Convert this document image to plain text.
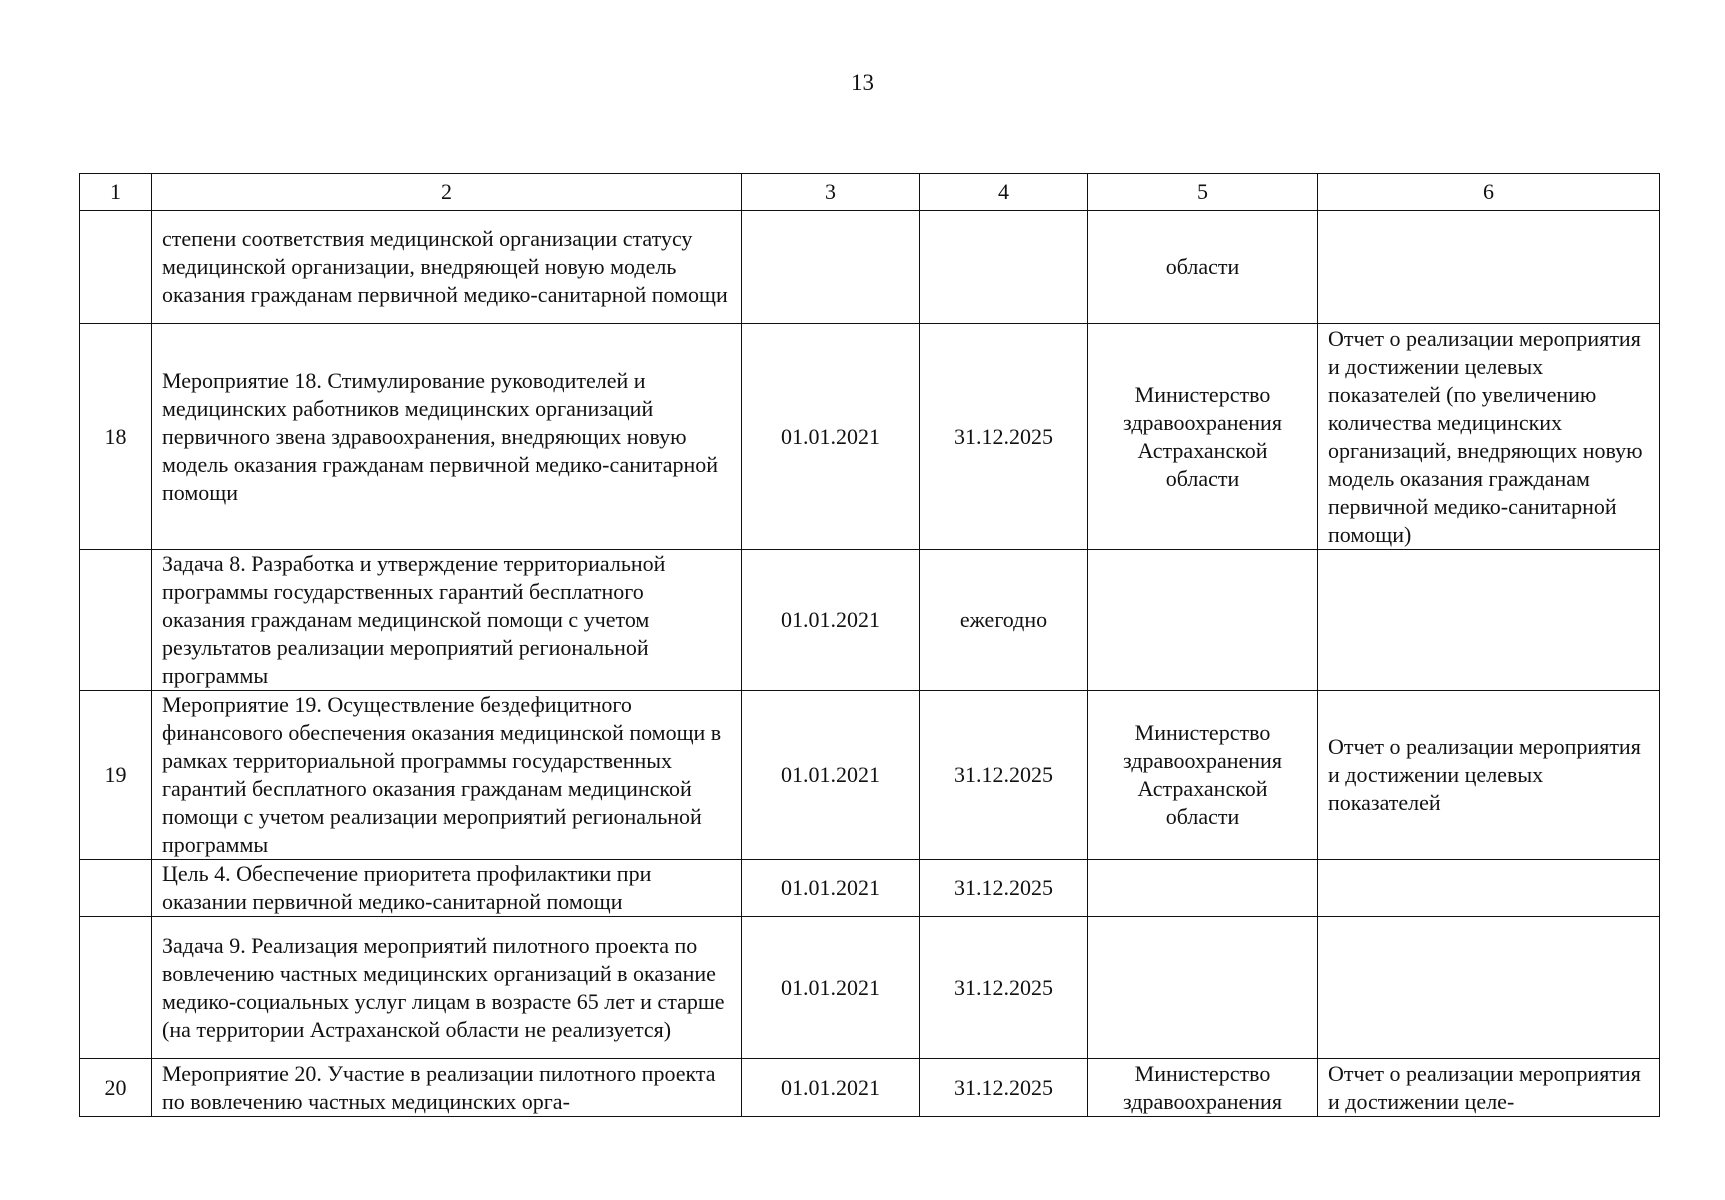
13
1	2	3	4	5	6
	степени соответствия медицинской организации статусу медицинской организации, внедряющей новую модель оказания гражданам первичной медико-санитарной помощи			области	
18	Мероприятие 18. Стимулирование руководителей и медицинских работников медицинских организаций первичного звена здравоохранения, внедряющих новую модель оказания гражданам первичной медико-санитарной помощи	01.01.2021	31.12.2025	Министерство здравоохранения Астраханской области	Отчет о реализации мероприятия и достижении целевых показателей (по увеличению количества медицинских организаций, внедряющих новую модель оказания гражданам первичной медико-санитарной помощи)
	Задача 8. Разработка и утверждение территориальной программы государственных гарантий бесплатного оказания гражданам медицинской помощи с учетом результатов реализации мероприятий региональной программы	01.01.2021	ежегодно		
19	Мероприятие 19. Осуществление бездефицитного финансового обеспечения оказания медицинской помощи в рамках территориальной программы государственных гарантий бесплатного оказания гражданам медицинской помощи с учетом реализации мероприятий региональной программы	01.01.2021	31.12.2025	Министерство здравоохранения Астраханской области	Отчет о реализации мероприятия и достижении целевых показателей
	Цель 4. Обеспечение приоритета профилактики при оказании первичной медико-санитарной помощи	01.01.2021	31.12.2025		
	Задача 9. Реализация мероприятий пилотного проекта по вовлечению частных медицинских организаций в оказание медико-социальных услуг лицам в возрасте 65 лет и старше (на территории Астраханской области не реализуется)	01.01.2021	31.12.2025		
20	Мероприятие 20. Участие в реализации пилотного проекта по вовлечению частных медицинских орга-	01.01.2021	31.12.2025	Министерство здравоохранения	Отчет о реализации мероприятия и достижении целе-
